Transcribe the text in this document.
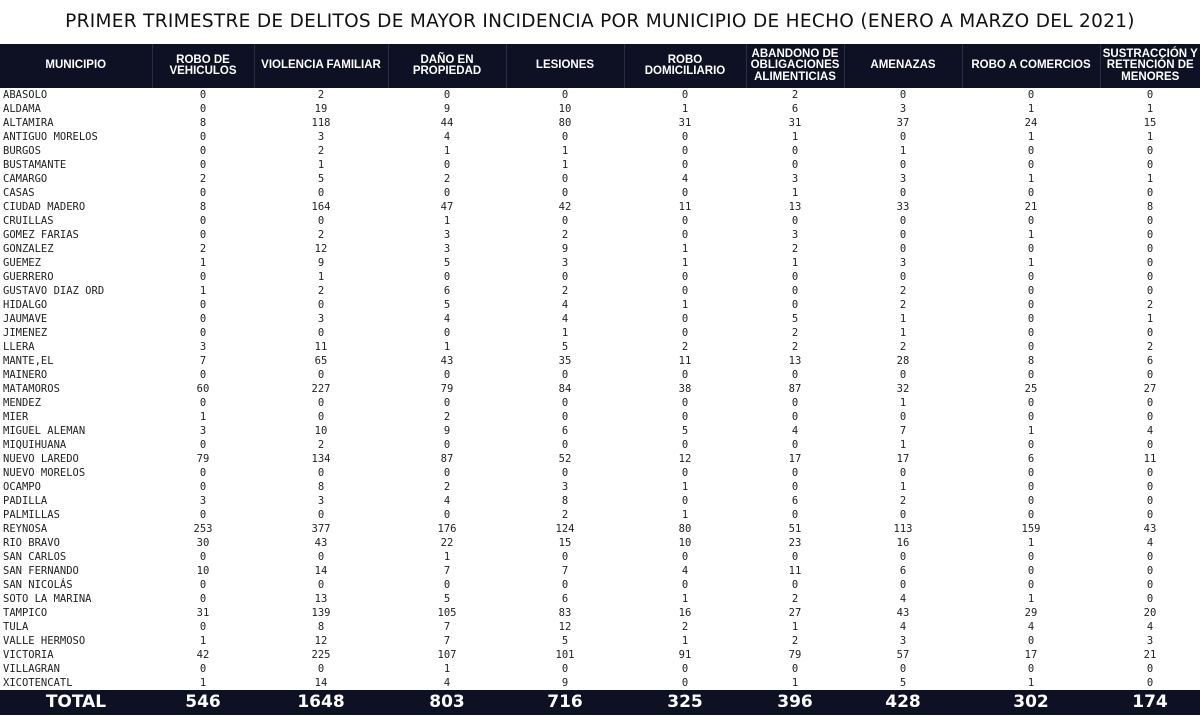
PRIMER TRIMESTRE DE DELITOS DE MAYOR INCIDENCIA POR MUNICIPIO DE HECHO (ENERO A MARZO DEL 2021)
MUNICIPIO	ROBO DE VEHICULOS	VIOLENCIA FAMILIAR	DAÑO EN PROPIEDAD	LESIONES	ROBO DOMICILIARIO	ABANDONO DE OBLIGACIONES ALIMENTICIAS	AMENAZAS	ROBO A COMERCIOS	SUSTRACCIÓN Y RETENCIÓN DE MENORES
ABASOLO	0	2	0	0	0	2	0	0	0
ALDAMA	0	19	9	10	1	6	3	1	1
ALTAMIRA	8	118	44	80	31	31	37	24	15
ANTIGUO MORELOS	0	3	4	0	0	1	0	1	1
BURGOS	0	2	1	1	0	0	1	0	0
BUSTAMANTE	0	1	0	1	0	0	0	0	0
CAMARGO	2	5	2	0	4	3	3	1	1
CASAS	0	0	0	0	0	1	0	0	0
CIUDAD MADERO	8	164	47	42	11	13	33	21	8
CRUILLAS	0	0	1	0	0	0	0	0	0
GOMEZ FARIAS	0	2	3	2	0	3	0	1	0
GONZALEZ	2	12	3	9	1	2	0	0	0
GUEMEZ	1	9	5	3	1	1	3	1	0
GUERRERO	0	1	0	0	0	0	0	0	0
GUSTAVO DIAZ ORD	1	2	6	2	0	0	2	0	0
HIDALGO	0	0	5	4	1	0	2	0	2
JAUMAVE	0	3	4	4	0	5	1	0	1
JIMENEZ	0	0	0	1	0	2	1	0	0
LLERA	3	11	1	5	2	2	2	0	2
MANTE,EL	7	65	43	35	11	13	28	8	6
MAINERO	0	0	0	0	0	0	0	0	0
MATAMOROS	60	227	79	84	38	87	32	25	27
MENDEZ	0	0	0	0	0	0	1	0	0
MIER	1	0	2	0	0	0	0	0	0
MIGUEL ALEMAN	3	10	9	6	5	4	7	1	4
MIQUIHUANA	0	2	0	0	0	0	1	0	0
NUEVO LAREDO	79	134	87	52	12	17	17	6	11
NUEVO MORELOS	0	0	0	0	0	0	0	0	0
OCAMPO	0	8	2	3	1	0	1	0	0
PADILLA	3	3	4	8	0	6	2	0	0
PALMILLAS	0	0	0	2	1	0	0	0	0
REYNOSA	253	377	176	124	80	51	113	159	43
RIO BRAVO	30	43	22	15	10	23	16	1	4
SAN CARLOS	0	0	1	0	0	0	0	0	0
SAN FERNANDO	10	14	7	7	4	11	6	0	0
SAN NICOLÁS	0	0	0	0	0	0	0	0	0
SOTO LA MARINA	0	13	5	6	1	2	4	1	0
TAMPICO	31	139	105	83	16	27	43	29	20
TULA	0	8	7	12	2	1	4	4	4
VALLE HERMOSO	1	12	7	5	1	2	3	0	3
VICTORIA	42	225	107	101	91	79	57	17	21
VILLAGRAN	0	0	1	0	0	0	0	0	0
XICOTENCATL	1	14	4	9	0	1	5	1	0
TOTAL	546	1648	803	716	325	396	428	302	174
